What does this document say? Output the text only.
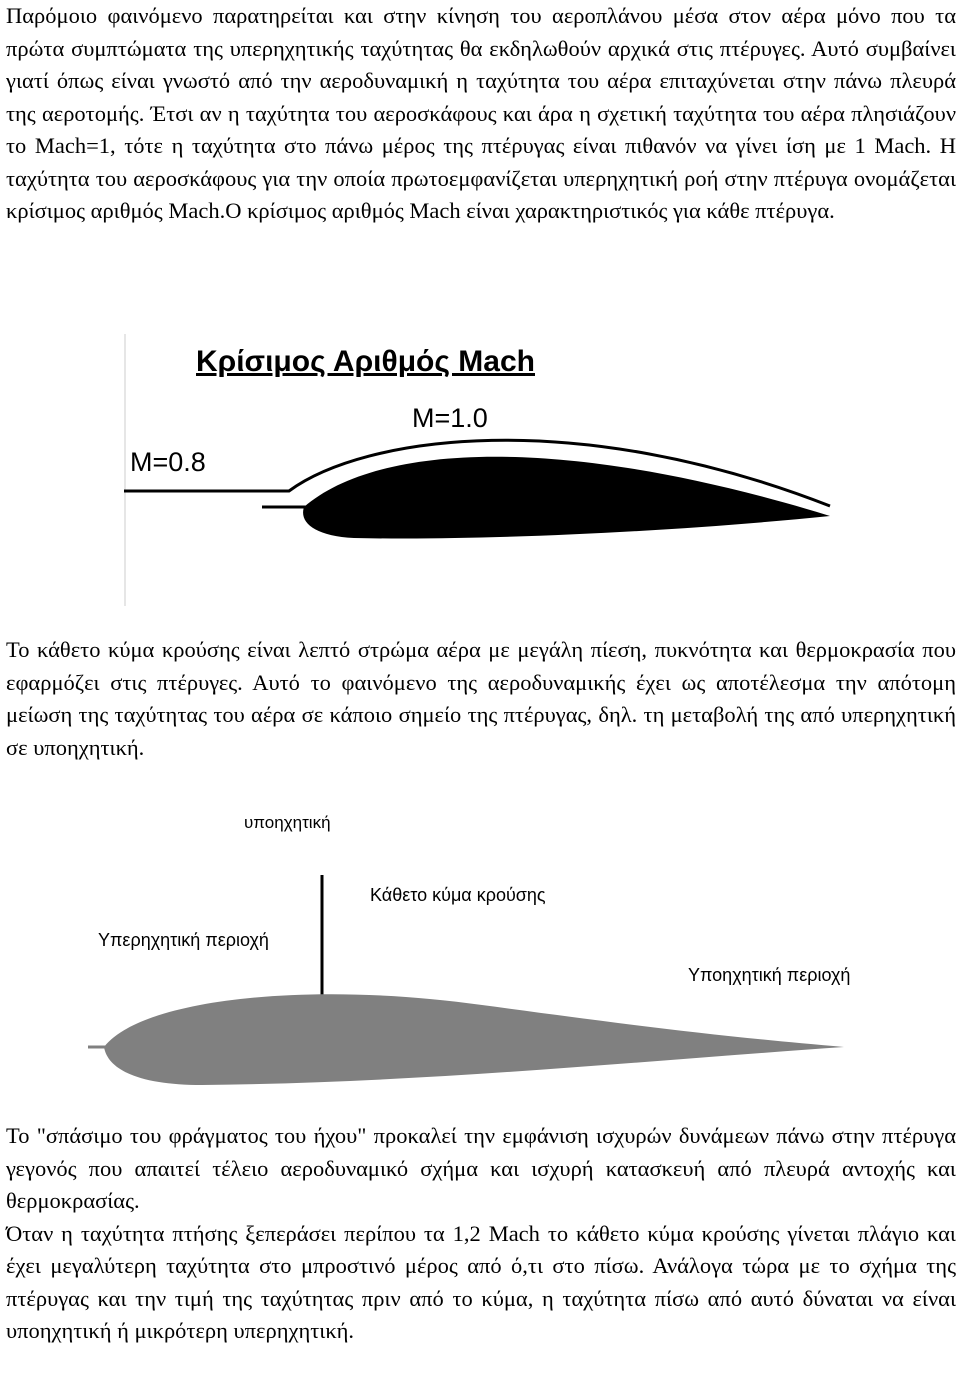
Παρόμοιο φαινόμενο παρατηρείται και στην κίνηση του αεροπλάνου μέσα στον αέρα μόνο που τα πρώτα συμπτώματα της υπερηχητικής ταχύτητας θα εκδηλωθούν αρχικά στις πτέρυγες. Αυτό συμβαίνει γιατί όπως είναι γνωστό από την αεροδυναμική η ταχύτητα του αέρα επιταχύνεται στην πάνω πλευρά της αεροτομής. Έτσι αν η ταχύτητα του αεροσκάφους και άρα η σχετική ταχύτητα του αέρα πλησιάζουν το Mach=1, τότε η ταχύτητα στο πάνω μέρος της πτέρυγας είναι πιθανόν να γίνει ίση με 1 Mach. Η ταχύτητα του αεροσκάφους για την οποία πρωτοεμφανίζεται υπερηχητική ροή στην πτέρυγα ονομάζεται κρίσιμος αριθμός Mach.Ο κρίσιμος αριθμός Mach είναι χαρακτηριστικός για κάθε πτέρυγα.

Κρίσιμος Αριθμός Mach
M=1.0
M=0.8
Το κάθετο κύμα κρούσης είναι λεπτό στρώμα αέρα με μεγάλη πίεση, πυκνότητα και θερμοκρασία που εφαρμόζει στις πτέρυγες. Αυτό το φαινόμενο της αεροδυναμικής έχει ως αποτέλεσμα την απότομη μείωση της ταχύτητας του αέρα σε κάποιο σημείο της πτέρυγας, δηλ. τη μεταβολή της από υπερηχητική σε υποηχητική.
υποηχητική
Κάθετο κύμα κρούσης
Υπερηχητική περιοχή
Υποηχητική περιοχή
Το "σπάσιμο του φράγματος του ήχου" προκαλεί την εμφάνιση ισχυρών δυνάμεων πάνω στην πτέρυγα γεγονός που απαιτεί τέλειο αεροδυναμικό σχήμα και ισχυρή κατασκευή από πλευρά αντοχής και θερμοκρασίας.
Όταν η ταχύτητα πτήσης ξεπεράσει περίπου τα 1,2 Mach το κάθετο κύμα κρούσης γίνεται πλάγιο και έχει μεγαλύτερη ταχύτητα στο μπροστινό μέρος από ό,τι στο πίσω. Ανάλογα τώρα με το σχήμα της πτέρυγας και την τιμή της ταχύτητας πριν από το κύμα, η ταχύτητα πίσω από αυτό δύναται να είναι υποηχητική ή μικρότερη υπερηχητική.
